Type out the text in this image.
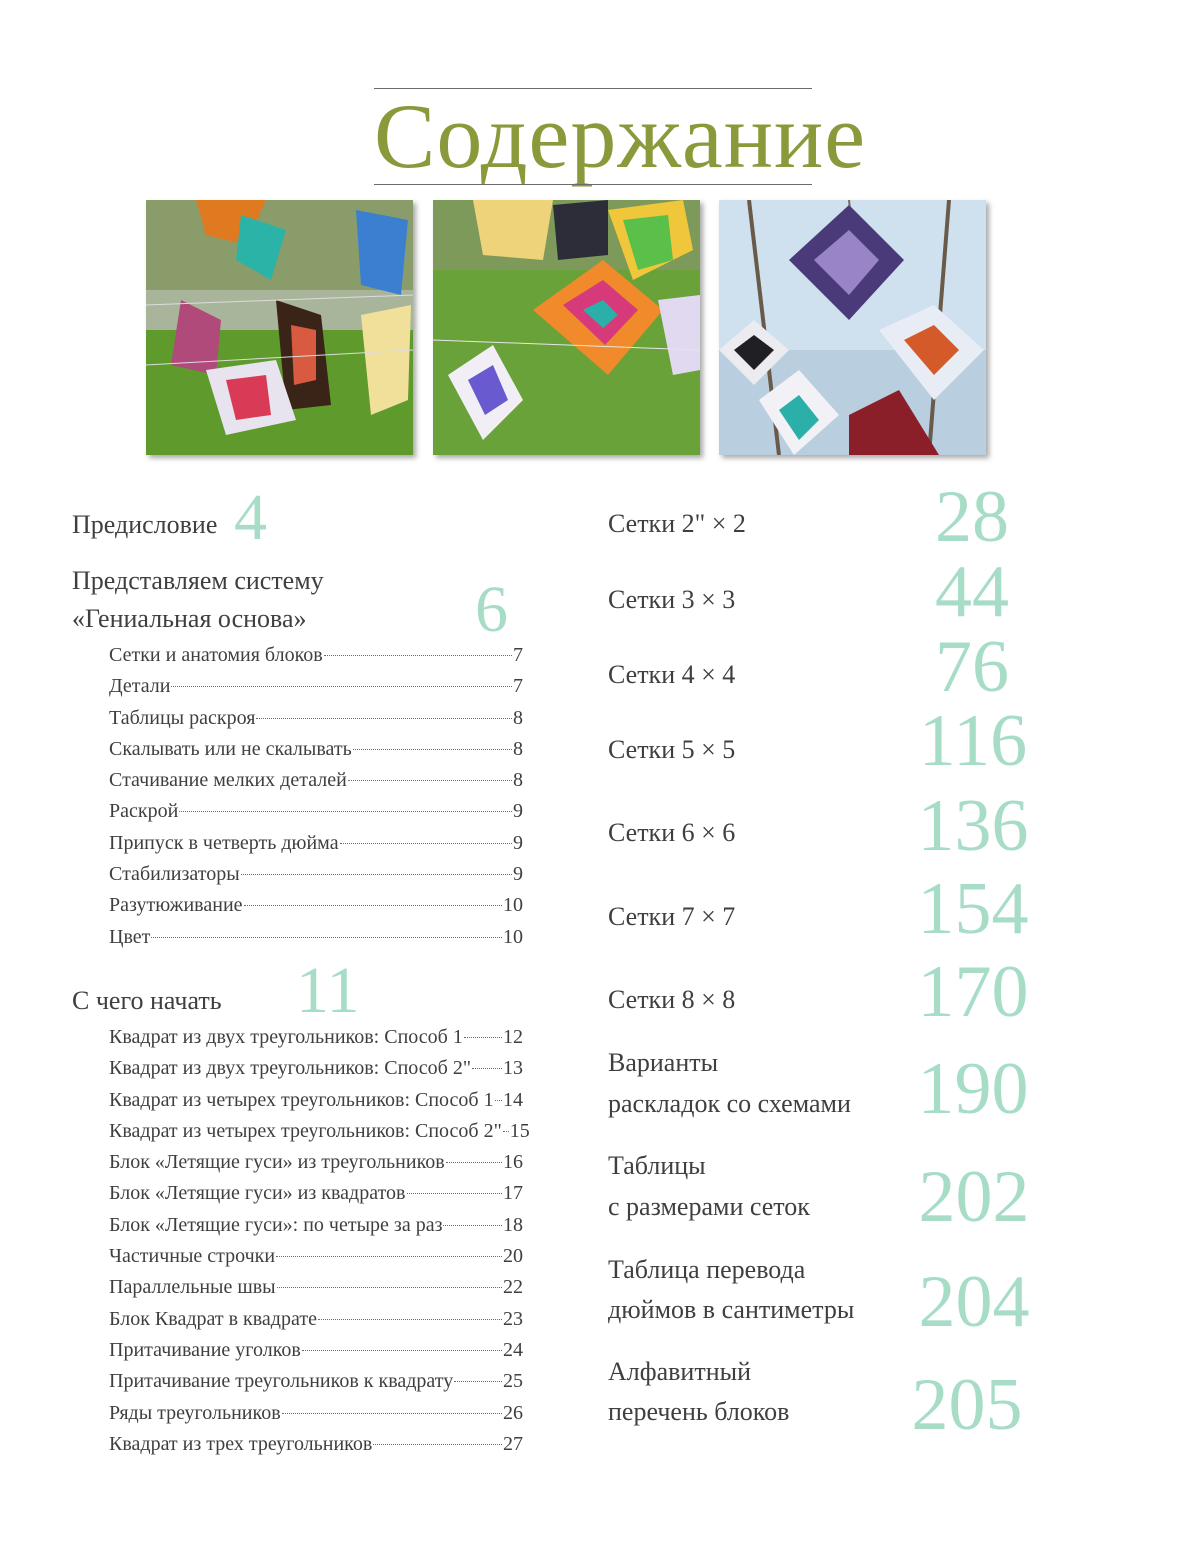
Содержание
Предисловие 4
Представляем систему
«Гениальная основа»	6
Сетки и анатомия блоков	7
Детали	7
Таблицы раскроя	8
Скалывать или не скалывать	8
Стачивание мелких деталей	8
Раскрой	9
Припуск в четверть дюйма	9
Стабилизаторы	9
Разутюживание	10
Цвет	10
С чего начать 11
Квадрат из двух треугольников: Способ 1 12
Квадрат из двух треугольников: Способ 2" 13
Квадрат из четырех треугольников: Способ 1 14
Квадрат из четырех треугольников: Способ 2" 15
Блок «Летящие гуси» из треугольников	16
Блок «Летящие гуси» из квадратов	17
Блок «Летящие гуси»: по четыре за раз	18
Частичные строчки	20
Параллельные швы	22
Блок Квадрат в квадрате	23
Притачивание уголков	24
Притачивание треугольников к квадрату 25
Ряды треугольников	26
Квадрат из трех треугольников	27
Сетки 2" × 2	28
Сетки 3 × 3	44
Сетки 4 × 4	76
Сетки 5 × 5 116
Сетки 6 × 6 136
Сетки 7 × 7 154
Сетки 8 × 8 170
Варианты
раскладок со схемами 190
Таблицы
с размерами сеток 202
Таблица перевода
дюймов в сантиметры 204
Алфавитный
перечень блоков 205
